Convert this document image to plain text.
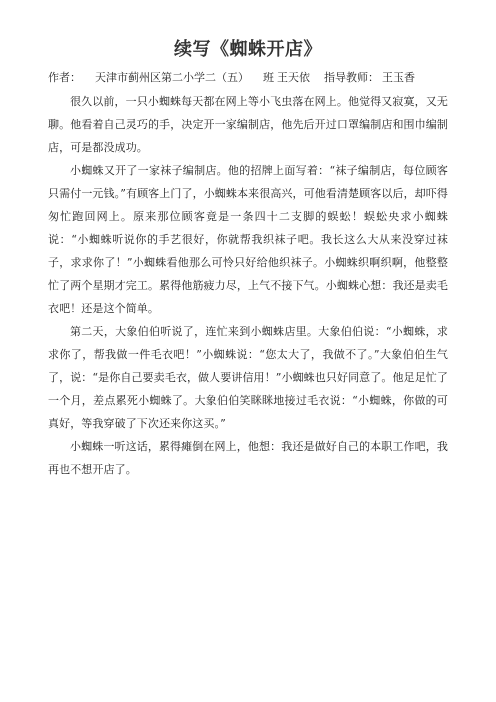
续写《蜘蛛开店》
作者： 天津市蓟州区第二小学二（五） 班 王天依 指导教师： 王玉香

很久以前，一只小蜘蛛每天都在网上等小飞虫落在网上。他觉得又寂寞，又无聊。他看着自己灵巧的手，决定开一家编制店，他先后开过口罩编制店和围巾编制店，可是都没成功。

小蜘蛛又开了一家袜子编制店。他的招牌上面写着：“袜子编制店，每位顾客只需付一元钱。”有顾客上门了，小蜘蛛本来很高兴，可他看清楚顾客以后，却吓得匆忙跑回网上。原来那位顾客竟是一条四十二支脚的蜈蚣！蜈蚣央求小蜘蛛说：“小蜘蛛听说你的手艺很好，你就帮我织袜子吧。我长这么大从来没穿过袜子，求求你了！”小蜘蛛看他那么可怜只好给他织袜子。小蜘蛛织啊织啊，他整整忙了两个星期才完工。累得他筋疲力尽，上气不接下气。小蜘蛛心想：我还是卖毛衣吧！还是这个简单。

第二天，大象伯伯听说了，连忙来到小蜘蛛店里。大象伯伯说：“小蜘蛛，求求你了，帮我做一件毛衣吧！”小蜘蛛说：“您太大了，我做不了。”大象伯伯生气了，说：“是你自己要卖毛衣，做人要讲信用！”小蜘蛛也只好同意了。他足足忙了一个月，差点累死小蜘蛛了。大象伯伯笑眯眯地接过毛衣说：“小蜘蛛，你做的可真好，等我穿破了下次还来你这买。”

小蜘蛛一听这话，累得瘫倒在网上，他想：我还是做好自己的本职工作吧，我再也不想开店了。
